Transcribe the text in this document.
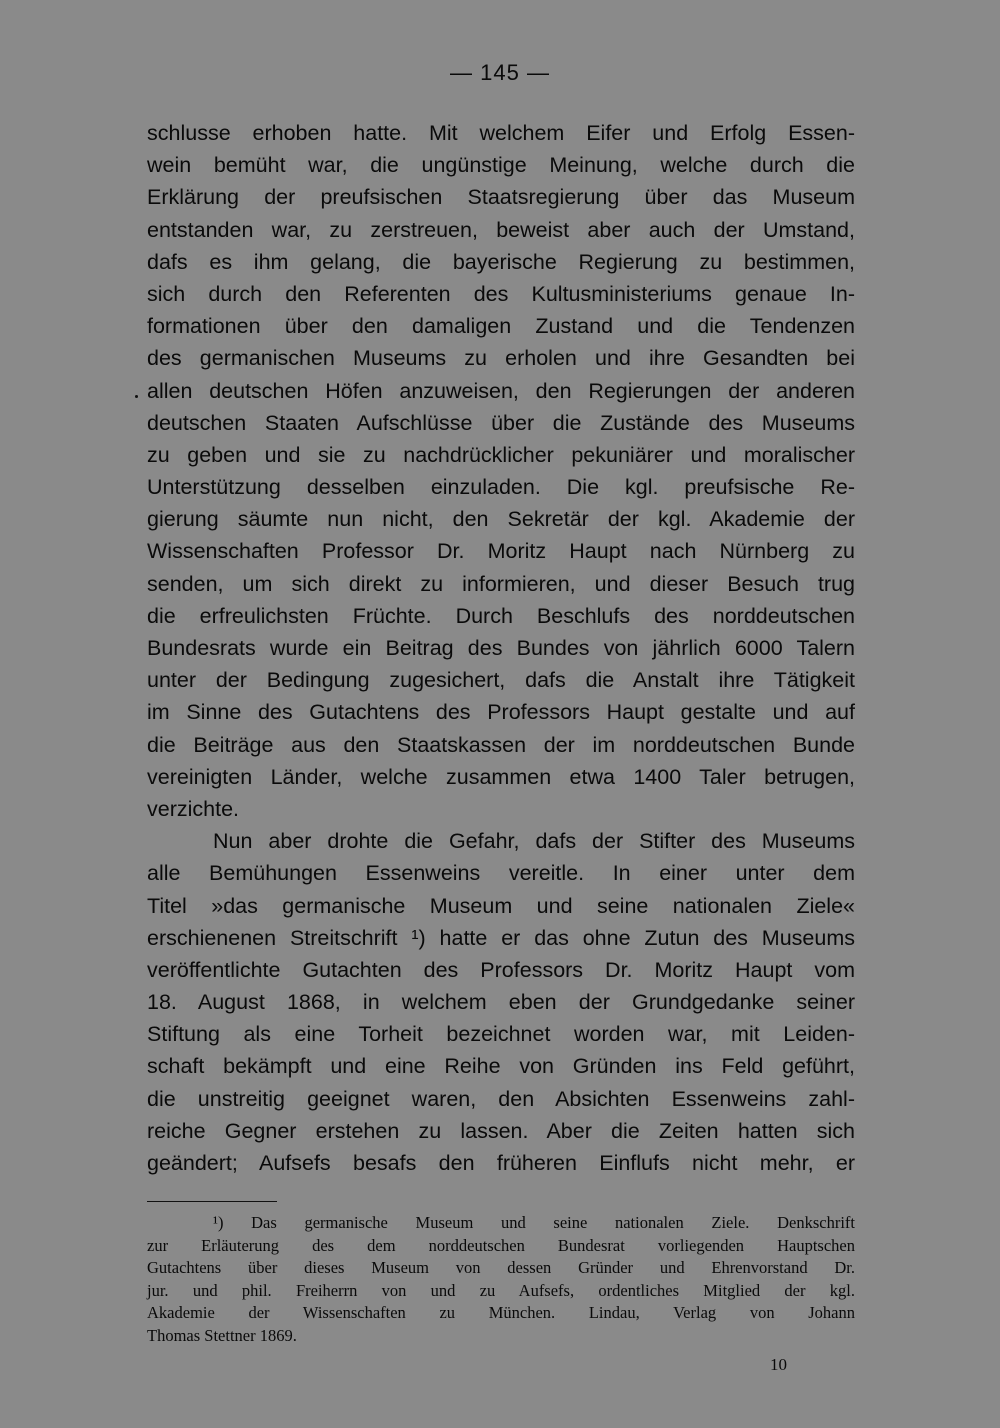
— 145 —
schlusse erhoben hatte. Mit welchem Eifer und Erfolg Essen-
wein bemüht war, die ungünstige Meinung, welche durch die
Erklärung der preufsischen Staatsregierung über das Museum
entstanden war, zu zerstreuen, beweist aber auch der Umstand,
dafs es ihm gelang, die bayerische Regierung zu bestimmen,
sich durch den Referenten des Kultusministeriums genaue In-
formationen über den damaligen Zustand und die Tendenzen
des germanischen Museums zu erholen und ihre Gesandten bei
allen deutschen Höfen anzuweisen, den Regierungen der anderen
deutschen Staaten Aufschlüsse über die Zustände des Museums
zu geben und sie zu nachdrücklicher pekuniärer und moralischer
Unterstützung desselben einzuladen. Die kgl. preufsische Re-
gierung säumte nun nicht, den Sekretär der kgl. Akademie der
Wissenschaften Professor Dr. Moritz Haupt nach Nürnberg zu
senden, um sich direkt zu informieren, und dieser Besuch trug
die erfreulichsten Früchte. Durch Beschlufs des norddeutschen
Bundesrats wurde ein Beitrag des Bundes von jährlich 6000 Talern
unter der Bedingung zugesichert, dafs die Anstalt ihre Tätigkeit
im Sinne des Gutachtens des Professors Haupt gestalte und auf
die Beiträge aus den Staatskassen der im norddeutschen Bunde
vereinigten Länder, welche zusammen etwa 1400 Taler betrugen,
verzichte.
Nun aber drohte die Gefahr, dafs der Stifter des Museums
alle Bemühungen Essenweins vereitle. In einer unter dem
Titel »das germanische Museum und seine nationalen Ziele«
erschienenen Streitschrift ¹) hatte er das ohne Zutun des Museums
veröffentlichte Gutachten des Professors Dr. Moritz Haupt vom
18. August 1868, in welchem eben der Grundgedanke seiner
Stiftung als eine Torheit bezeichnet worden war, mit Leiden-
schaft bekämpft und eine Reihe von Gründen ins Feld geführt,
die unstreitig geeignet waren, den Absichten Essenweins zahl-
reiche Gegner erstehen zu lassen. Aber die Zeiten hatten sich
geändert; Aufsefs besafs den früheren Einflufs nicht mehr, er
¹) Das germanische Museum und seine nationalen Ziele. Denkschrift
zur Erläuterung des dem norddeutschen Bundesrat vorliegenden Hauptschen
Gutachtens über dieses Museum von dessen Gründer und Ehrenvorstand Dr.
jur. und phil. Freiherrn von und zu Aufsefs, ordentliches Mitglied der kgl.
Akademie der Wissenschaften zu München. Lindau, Verlag von Johann
Thomas Stettner 1869.
10
